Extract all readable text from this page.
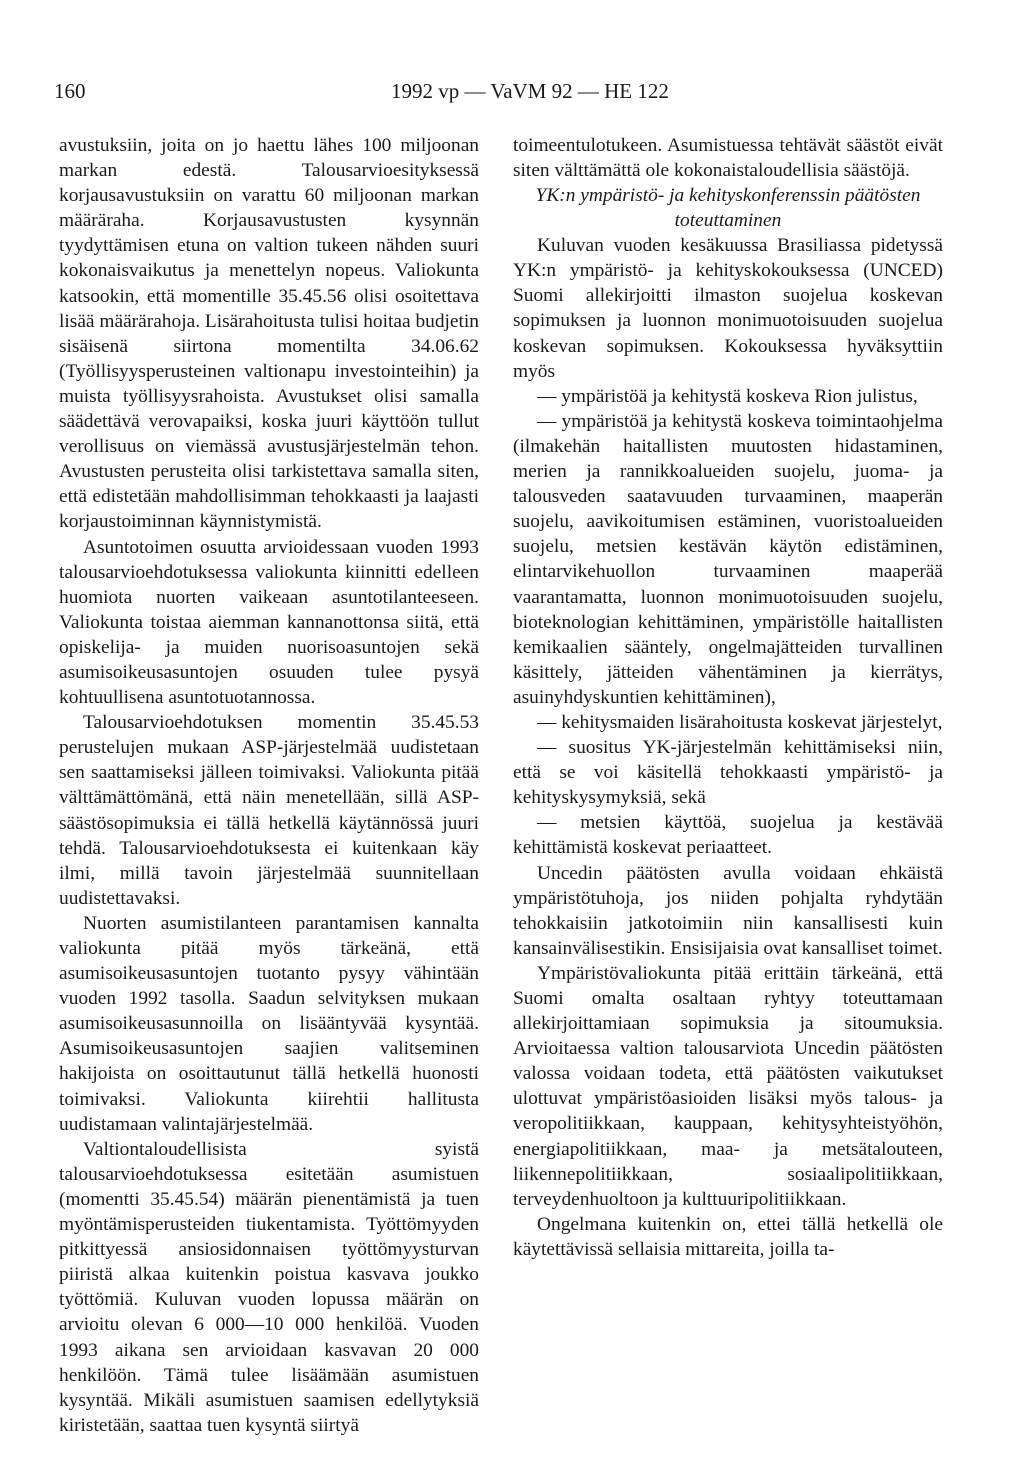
160	1992 vp — VaVM 92 — HE 122

avustuksiin, joita on jo haettu lähes 100 miljoonan markan edestä. Talousarvioesityksessä korjausavustuksiin on varattu 60 miljoonan markan määräraha. Korjausavustusten kysynnän tyydyttämisen etuna on valtion tukeen nähden suuri kokonaisvaikutus ja menettelyn nopeus. Valiokunta katsookin, että momentille 35.45.56 olisi osoitettava lisää määrärahoja. Lisärahoitusta tulisi hoitaa budjetin sisäisenä siirtona momentilta 34.06.62 (Työllisyysperusteinen valtionapu investointeihin) ja muista työllisyysrahoista. Avustukset olisi samalla säädettävä verovapaiksi, koska juuri käyttöön tullut verollisuus on viemässä avustusjärjestelmän tehon. Avustusten perusteita olisi tarkistettava samalla siten, että edistetään mahdollisimman tehokkaasti ja laajasti korjaustoiminnan käynnistymistä.

Asuntotoimen osuutta arvioidessaan vuoden 1993 talousarvioehdotuksessa valiokunta kiinnitti edelleen huomiota nuorten vaikeaan asuntotilanteeseen. Valiokunta toistaa aiemman kannanottonsa siitä, että opiskelija- ja muiden nuorisoasuntojen sekä asumisoikeusasuntojen osuuden tulee pysyä kohtuullisena asuntotuotannossa.

Talousarvioehdotuksen momentin 35.45.53 perustelujen mukaan ASP-järjestelmää uudistetaan sen saattamiseksi jälleen toimivaksi. Valiokunta pitää välttämättömänä, että näin menetellään, sillä ASP-säästösopimuksia ei tällä hetkellä käytännössä juuri tehdä. Talousarvioehdotuksesta ei kuitenkaan käy ilmi, millä tavoin järjestelmää suunnitellaan uudistettavaksi.

Nuorten asumistilanteen parantamisen kannalta valiokunta pitää myös tärkeänä, että asumisoikeusasuntojen tuotanto pysyy vähintään vuoden 1992 tasolla. Saadun selvityksen mukaan asumisoikeusasunnoilla on lisääntyvää kysyntää. Asumisoikeusasuntojen saajien valitseminen hakijoista on osoittautunut tällä hetkellä huonosti toimivaksi. Valiokunta kiirehtii hallitusta uudistamaan valintajärjestelmää.

Valtiontaloudellisista syistä talousarvioehdotuksessa esitetään asumistuen (momentti 35.45.54) määrän pienentämistä ja tuen myöntämisperusteiden tiukentamista. Työttömyyden pitkittyessä ansiosidonnaisen työttömyysturvan piiristä alkaa kuitenkin poistua kasvava joukko työttömiä. Kuluvan vuoden lopussa määrän on arvioitu olevan 6 000—10 000 henkilöä. Vuoden 1993 aikana sen arvioidaan kasvavan 20 000 henkilöön. Tämä tulee lisäämään asumistuen kysyntää. Mikäli asumistuen saamisen edellytyksiä kiristetään, saattaa tuen kysyntä siirtyä

toimeentulotukeen. Asumistuessa tehtävät säästöt eivät siten välttämättä ole kokonaistaloudellisia säästöjä.

YK:n ympäristö- ja kehityskonferenssin päätösten toteuttaminen

Kuluvan vuoden kesäkuussa Brasiliassa pidetyssä YK:n ympäristö- ja kehityskokouksessa (UNCED) Suomi allekirjoitti ilmaston suojelua koskevan sopimuksen ja luonnon monimuotoisuuden suojelua koskevan sopimuksen. Kokouksessa hyväksyttiin myös

— ympäristöä ja kehitystä koskeva Rion julistus,

— ympäristöä ja kehitystä koskeva toimintaohjelma (ilmakehän haitallisten muutosten hidastaminen, merien ja rannikkoalueiden suojelu, juoma- ja talousveden saatavuuden turvaaminen, maaperän suojelu, aavikoitumisen estäminen, vuoristoalueiden suojelu, metsien kestävän käytön edistäminen, elintarvikehuollon turvaaminen maaperää vaarantamatta, luonnon monimuotoisuuden suojelu, bioteknologian kehittäminen, ympäristölle haitallisten kemikaalien sääntely, ongelmajätteiden turvallinen käsittely, jätteiden vähentäminen ja kierrätys, asuinyhdyskuntien kehittäminen),

— kehitysmaiden lisärahoitusta koskevat järjestelyt,

— suositus YK-järjestelmän kehittämiseksi niin, että se voi käsitellä tehokkaasti ympäristö- ja kehityskysymyksiä, sekä

— metsien käyttöä, suojelua ja kestävää kehittämistä koskevat periaatteet.

Uncedin päätösten avulla voidaan ehkäistä ympäristötuhoja, jos niiden pohjalta ryhdytään tehokkaisiin jatkotoimiin niin kansallisesti kuin kansainvälisestikin. Ensisijaisia ovat kansalliset toimet.

Ympäristövaliokunta pitää erittäin tärkeänä, että Suomi omalta osaltaan ryhtyy toteuttamaan allekirjoittamiaan sopimuksia ja sitoumuksia. Arvioitaessa valtion talousarviota Uncedin päätösten valossa voidaan todeta, että päätösten vaikutukset ulottuvat ympäristöasioiden lisäksi myös talous- ja veropolitiikkaan, kauppaan, kehitysyhteistyöhön, energiapolitiikkaan, maa- ja metsätalouteen, liikennepolitiikkaan, sosiaalipolitiikkaan, terveydenhuoltoon ja kulttuuripolitiikkaan.

Ongelmana kuitenkin on, ettei tällä hetkellä ole käytettävissä sellaisia mittareita, joilla ta-
